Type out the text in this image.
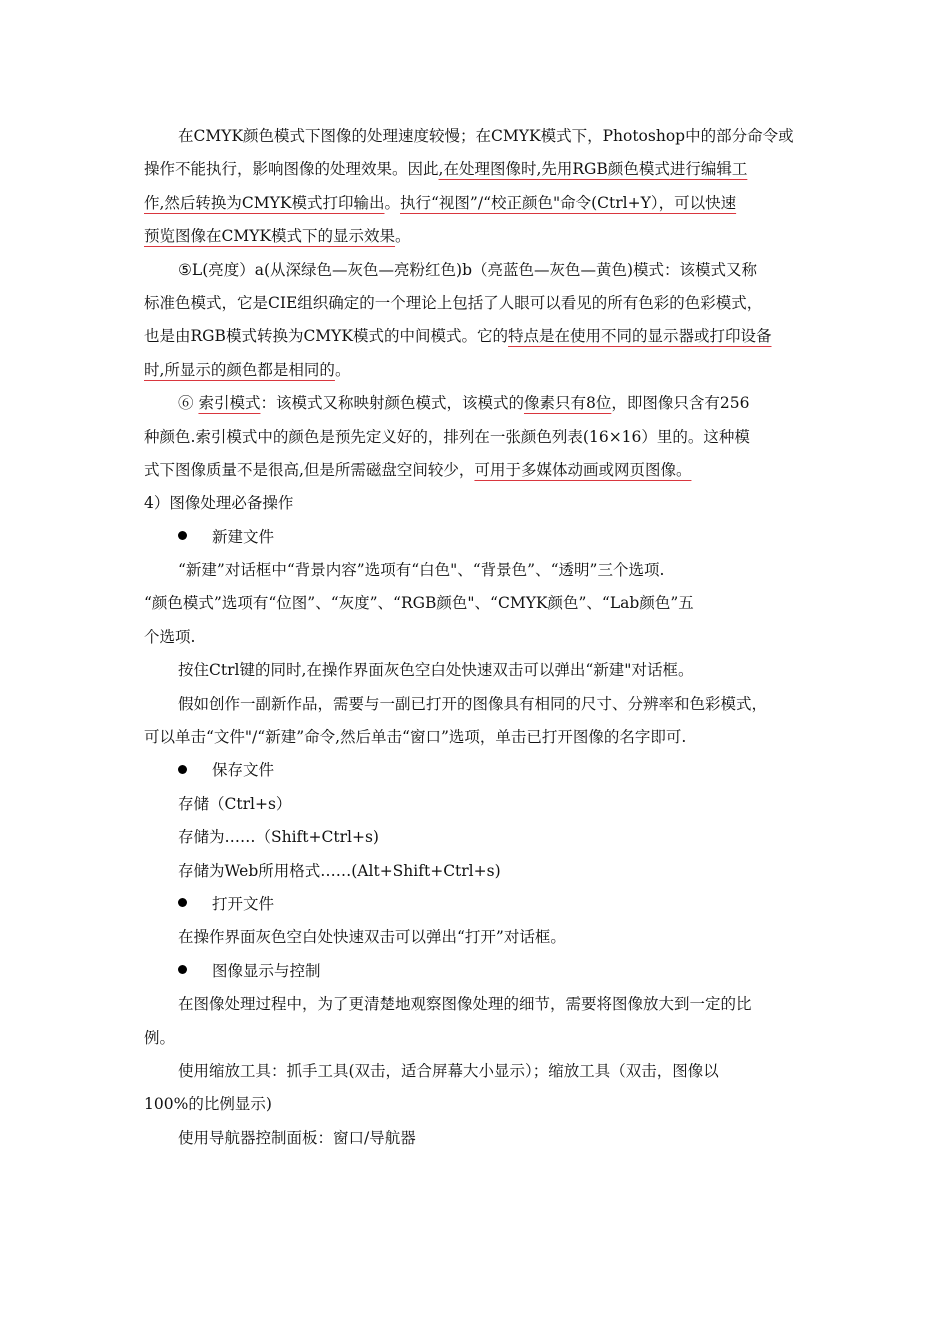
在CMYK颜色模式下图像的处理速度较慢；在CMYK模式下，Photoshop中的部分命令或
操作不能执行，影响图像的处理效果。因此,在处理图像时,先用RGB颜色模式进行编辑工
作,然后转换为CMYK模式打印输出。执行“视图”/“校正颜色"命令(Ctrl+Y），可以快速
预览图像在CMYK模式下的显示效果。
⑤L(亮度）a(从深绿色—灰色—亮粉红色)b（亮蓝色—灰色—黄色)模式：该模式又称
标准色模式，它是CIE组织确定的一个理论上包括了人眼可以看见的所有色彩的色彩模式，
也是由RGB模式转换为CMYK模式的中间模式。它的特点是在使用不同的显示器或打印设备
时,所显示的颜色都是相同的。
⑥ 索引模式：该模式又称映射颜色模式，该模式的像素只有8位，即图像只含有256
种颜色.索引模式中的颜色是预先定义好的，排列在一张颜色列表(16×16）里的。这种模
式下图像质量不是很高,但是所需磁盘空间较少，可用于多媒体动画或网页图像。
4）图像处理必备操作
新建文件
“新建”对话框中“背景内容”选项有“白色"、“背景色”、“透明”三个选项.
“颜色模式”选项有“位图”、“灰度”、“RGB颜色"、“CMYK颜色”、“Lab颜色”五
个选项.
按住Ctrl键的同时,在操作界面灰色空白处快速双击可以弹出“新建"对话框。
假如创作一副新作品，需要与一副已打开的图像具有相同的尺寸、分辨率和色彩模式，
可以单击“文件"/“新建”命令,然后单击“窗口”选项，单击已打开图像的名字即可.
保存文件
存储（Ctrl+s）
存储为……（Shift+Ctrl+s)
存储为Web所用格式……(Alt+Shift+Ctrl+s)
打开文件
在操作界面灰色空白处快速双击可以弹出“打开”对话框。
图像显示与控制
在图像处理过程中，为了更清楚地观察图像处理的细节，需要将图像放大到一定的比
例。
使用缩放工具：抓手工具(双击，适合屏幕大小显示）；缩放工具（双击，图像以
100%的比例显示)
使用导航器控制面板：窗口/导航器
